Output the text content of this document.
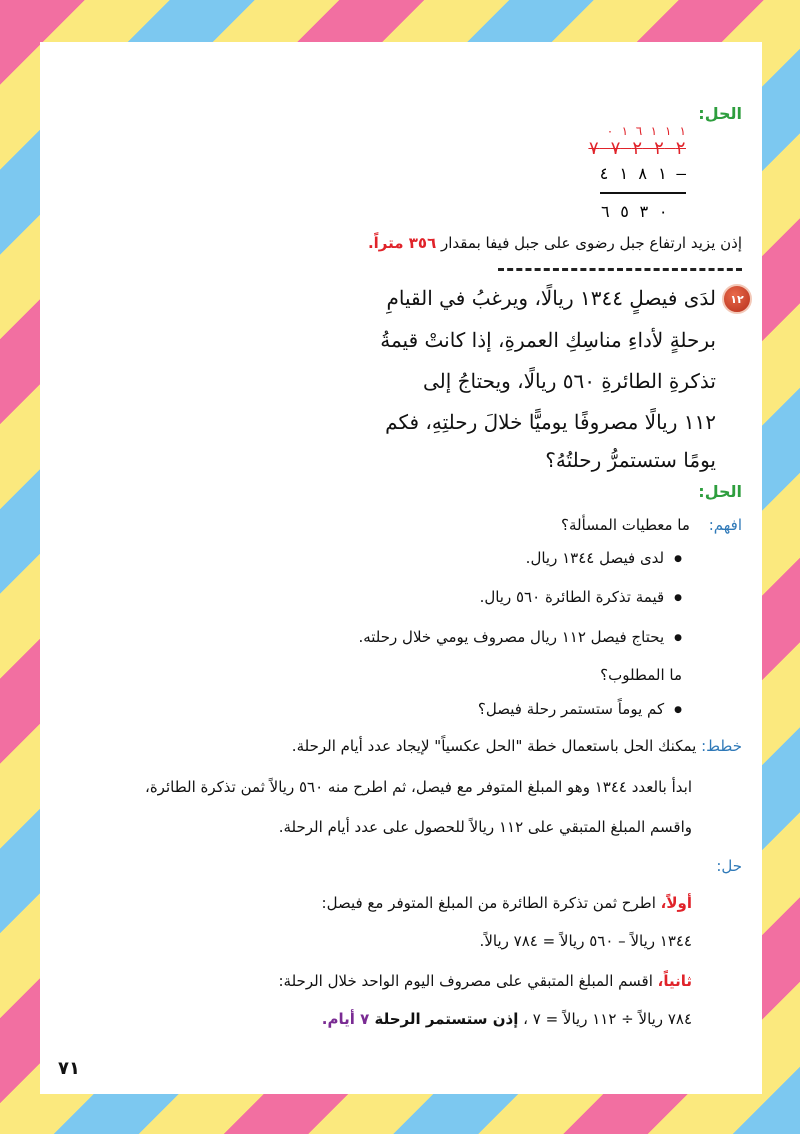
الحل:
١ ١ ١ ٦ ١ ٠
٢ ٢ ٢ ٧ ٧
١ ٨ ١ ٤ –
٠ ٣ ٥ ٦
إذن يزيد ارتفاع جبل رضوى على جبل فيفا بمقدار ٣٥٦ متراً.
١٢
لدَى فيصلٍ ١٣٤٤ ريالًا، ويرغبُ في القيامِ
برحلةٍ لأداءِ مناسِكِ العمرةِ، إذا كانتْ قيمةُ
تذكرةِ الطائرةِ ٥٦٠ ريالًا، ويحتاجُ إلى
١١٢ ريالًا مصروفًا يوميًّا خلالَ رحلتِهِ، فكم
يومًا ستستمرُّ رحلتُهُ؟
الحل:
افهم: ما معطيات المسألة؟
● لدى فيصل ١٣٤٤ ريال.
● قيمة تذكرة الطائرة ٥٦٠ ريال.
● يحتاج فيصل ١١٢ ريال مصروف يومي خلال رحلته.
ما المطلوب؟
● كم يوماً ستستمر رحلة فيصل؟
خطط: يمكنك الحل باستعمال خطة "الحل عكسياً" لإيجاد عدد أيام الرحلة.
ابدأ بالعدد ١٣٤٤ وهو المبلغ المتوفر مع فيصل، ثم اطرح منه ٥٦٠ ريالاً ثمن تذكرة الطائرة،
واقسم المبلغ المتبقي على ١١٢ ريالاً للحصول على عدد أيام الرحلة.
حل:
أولاً، اطرح ثمن تذكرة الطائرة من المبلغ المتوفر مع فيصل:
١٣٤٤ ريالاً – ٥٦٠ ريالاً = ٧٨٤ ريالاً.
ثانياً، اقسم المبلغ المتبقي على مصروف اليوم الواحد خلال الرحلة:
٧٨٤ ريالاً ÷ ١١٢ ريالاً = ٧ ، إذن ستستمر الرحلة ٧ أيام.
٧١
